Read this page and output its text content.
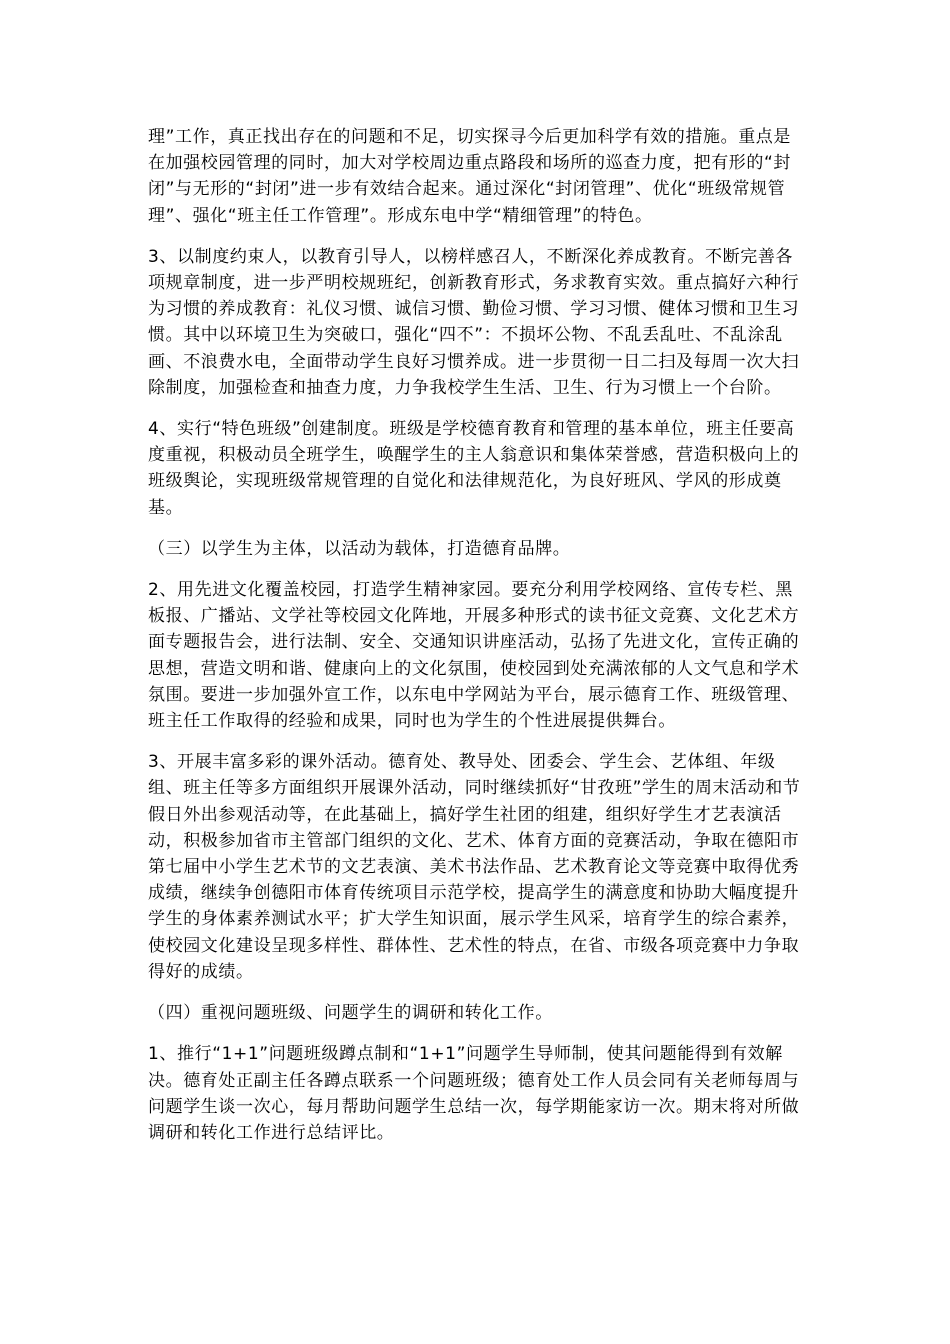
理”工作，真正找出存在的问题和不足，切实探寻今后更加科学有效的措施。重点是在加强校园管理的同时，加大对学校周边重点路段和场所的巡查力度，把有形的“封闭”与无形的“封闭”进一步有效结合起来。通过深化“封闭管理”、优化“班级常规管理”、强化“班主任工作管理”。形成东电中学“精细管理”的特色。

3、以制度约束人，以教育引导人，以榜样感召人，不断深化养成教育。不断完善各项规章制度，进一步严明校规班纪，创新教育形式，务求教育实效。重点搞好六种行为习惯的养成教育：礼仪习惯、诚信习惯、勤俭习惯、学习习惯、健体习惯和卫生习惯。其中以环境卫生为突破口，强化“四不”：不损坏公物、不乱丢乱吐、不乱涂乱画、不浪费水电，全面带动学生良好习惯养成。进一步贯彻一日二扫及每周一次大扫除制度，加强检查和抽查力度，力争我校学生生活、卫生、行为习惯上一个台阶。

4、实行“特色班级”创建制度。班级是学校德育教育和管理的基本单位，班主任要高度重视，积极动员全班学生，唤醒学生的主人翁意识和集体荣誉感，营造积极向上的班级舆论，实现班级常规管理的自觉化和法律规范化，为良好班风、学风的形成奠基。

（三）以学生为主体，以活动为载体，打造德育品牌。

2、用先进文化覆盖校园，打造学生精神家园。要充分利用学校网络、宣传专栏、黑板报、广播站、文学社等校园文化阵地，开展多种形式的读书征文竞赛、文化艺术方面专题报告会，进行法制、安全、交通知识讲座活动，弘扬了先进文化，宣传正确的思想，营造文明和谐、健康向上的文化氛围，使校园到处充满浓郁的人文气息和学术氛围。要进一步加强外宣工作，以东电中学网站为平台，展示德育工作、班级管理、班主任工作取得的经验和成果，同时也为学生的个性进展提供舞台。

3、开展丰富多彩的课外活动。德育处、教导处、团委会、学生会、艺体组、年级组、班主任等多方面组织开展课外活动，同时继续抓好“甘孜班”学生的周末活动和节假日外出参观活动等，在此基础上，搞好学生社团的组建，组织好学生才艺表演活动，积极参加省市主管部门组织的文化、艺术、体育方面的竞赛活动，争取在德阳市第七届中小学生艺术节的文艺表演、美术书法作品、艺术教育论文等竞赛中取得优秀成绩，继续争创德阳市体育传统项目示范学校，提高学生的满意度和协助大幅度提升学生的身体素养测试水平；扩大学生知识面，展示学生风采，培育学生的综合素养，使校园文化建设呈现多样性、群体性、艺术性的特点，在省、市级各项竞赛中力争取得好的成绩。

（四）重视问题班级、问题学生的调研和转化工作。

1、推行“1+1”问题班级蹲点制和“1+1”问题学生导师制，使其问题能得到有效解决。德育处正副主任各蹲点联系一个问题班级；德育处工作人员会同有关老师每周与问题学生谈一次心，每月帮助问题学生总结一次，每学期能家访一次。期末将对所做调研和转化工作进行总结评比。
